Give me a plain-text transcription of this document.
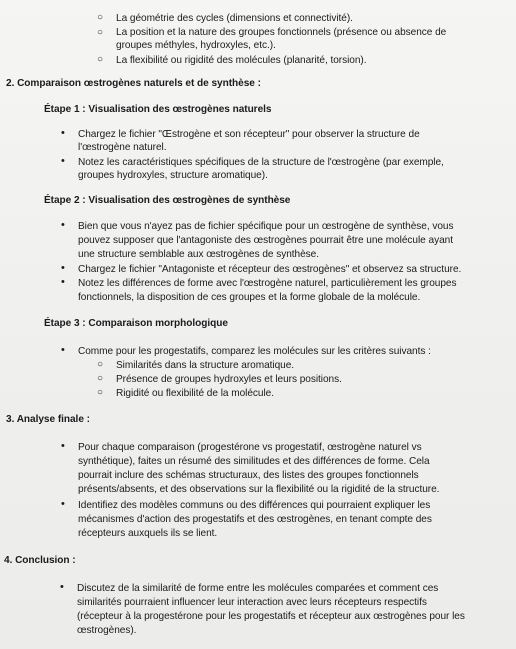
○ La géométrie des cycles (dimensions et connectivité).
○ La position et la nature des groupes fonctionnels (présence ou absence de
groupes méthyles, hydroxyles, etc.).
○ La flexibilité ou rigidité des molécules (planarité, torsion).
2. Comparaison œstrogènes naturels et de synthèse :
Étape 1 : Visualisation des œstrogènes naturels
• Chargez le fichier "Œstrogène et son récepteur" pour observer la structure de
l'œstrogène naturel.
• Notez les caractéristiques spécifiques de la structure de l'œstrogène (par exemple,
groupes hydroxyles, structure aromatique).
Étape 2 : Visualisation des œstrogènes de synthèse
• Bien que vous n'ayez pas de fichier spécifique pour un œstrogène de synthèse, vous
pouvez supposer que l'antagoniste des œstrogènes pourrait être une molécule ayant
une structure semblable aux œstrogènes de synthèse.
• Chargez le fichier "Antagoniste et récepteur des œstrogènes" et observez sa structure.
• Notez les différences de forme avec l'œstrogène naturel, particulièrement les groupes
fonctionnels, la disposition de ces groupes et la forme globale de la molécule.
Étape 3 : Comparaison morphologique
• Comme pour les progestatifs, comparez les molécules sur les critères suivants :
○ Similarités dans la structure aromatique.
○ Présence de groupes hydroxyles et leurs positions.
○ Rigidité ou flexibilité de la molécule.
3. Analyse finale :
• Pour chaque comparaison (progestérone vs progestatif, œstrogène naturel vs
synthétique), faites un résumé des similitudes et des différences de forme. Cela
pourrait inclure des schémas structuraux, des listes des groupes fonctionnels
présents/absents, et des observations sur la flexibilité ou la rigidité de la structure.
• Identifiez des modèles communs ou des différences qui pourraient expliquer les
mécanismes d'action des progestatifs et des œstrogènes, en tenant compte des
récepteurs auxquels ils se lient.
4. Conclusion :
• Discutez de la similarité de forme entre les molécules comparées et comment ces
similarités pourraient influencer leur interaction avec leurs récepteurs respectifs
(récepteur à la progestérone pour les progestatifs et récepteur aux œstrogènes pour les
œstrogènes).
